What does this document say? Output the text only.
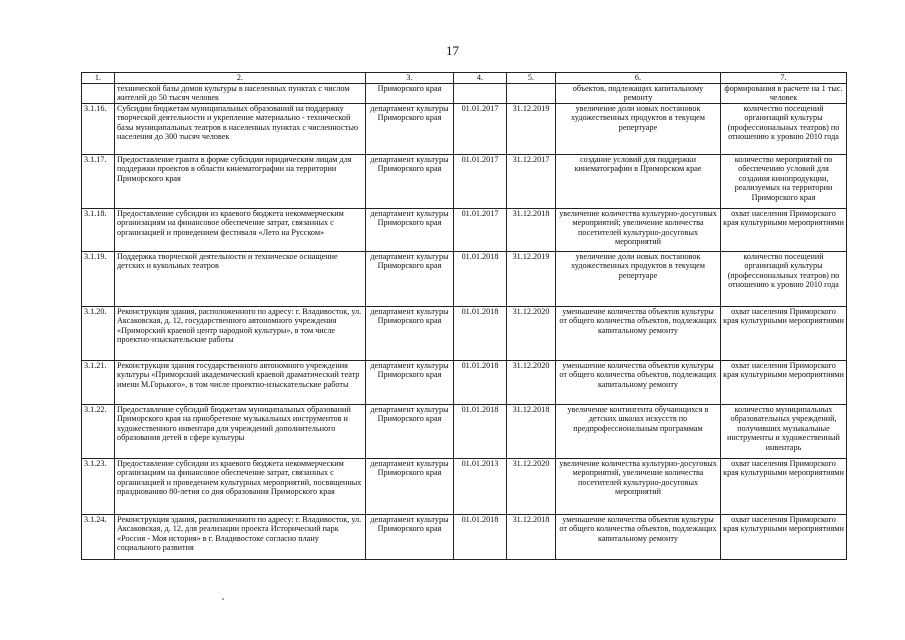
17
1.	2.	3.	4.	5.	6.	7.
	технической базы домов культуры в населенных пунктах с числом жителей до 50 тысяч человек	Приморского края			объектов, подлежащих капитальному ремонту	формирования в расчете на 1 тыс. человек
3.1.16.	Субсидии бюджетам муниципальных образований на поддержку творческой деятельности и укрепление материально - технической базы муниципальных театров в населенных пунктах с численностью населения до 300 тысяч человек	департамент культуры Приморского края	01.01.2017	31.12.2019	увеличение доли новых постановок художественных продуктов в текущем репертуаре	количество посещений организаций культуры (профессиональных театров) по отношению к уровню 2010 года
3.1.17.	Предоставление гранта в форме субсидии юридическим лицам для поддержки проектов в области кинематографии на территории Приморского края	департамент культуры Приморского края	01.01.2017	31.12.2017	создание условий для поддержки кинематографии в Приморском крае	количество мероприятий по обеспечению условий для создания кинопродукции, реализуемых на территории Приморского края
3.1.18.	Предоставление субсидии из краевого бюджета некоммерческим организациям на финансовое обеспечение затрат, связанных с организацией и проведением фестиваля «Лето на Русском»	департамент культуры Приморского края	01.01.2017	31.12.2018	увеличение количества культурно-досуговых мероприятий; увеличение количества посетителей культурно-досуговых мероприятий	охват населения Приморского края культурными мероприятиями
3.1.19.	Поддержка творческой деятельности и техническое оснащение детских и кукольных театров	департамент культуры Приморского края	01.01.2018	31.12.2019	увеличение доли новых постановок художественных продуктов в текущем репертуаре	количество посещений организаций культуры (профессиональных театров) по отношению к уровню 2010 года
3.1.20.	Реконструкция здания, расположенного по адресу: г. Владивосток, ул. Аксаковская, д. 12, государственного автономного учреждения «Приморский краевой центр народной культуры», в том числе проектно-изыскательские работы	департамент культуры Приморского края	01.01.2018	31.12.2020	уменьшение количества объектов культуры от общего количества объектов, подлежащих капитальному ремонту	охват населения Приморского края культурными мероприятиями
3.1.21.	Реконструкция здания государственного автономного учреждения культуры «Приморский академический краевой драматический театр имени М.Горького», в том числе проектно-изыскательские работы	департамент культуры Приморского края	01.01.2018	31.12.2020	уменьшение количества объектов культуры от общего количества объектов, подлежащих капитальному ремонту	охват населения Приморского края культурными мероприятиями
3.1.22.	Предоставление субсидий бюджетам муниципальных образований Приморского края на приобретение музыкальных инструментов и художественного инвентаря для учреждений дополнительного образования детей в сфере культуры	департамент культуры Приморского края	01.01.2018	31.12.2018	увеличение контингента обучающихся в детских школах искусств по предпрофессиональным программам	количество муниципальных образовательных учреждений, получивших музыкальные инструменты и художественный инвентарь
3.1.23.	Предоставление субсидии из краевого бюджета некоммерческим организациям на финансовое обеспечение затрат, связанных с организацией и проведением культурных мероприятий, посвященных празднованию 80-летия со дня образования Приморского края	департамент культуры Приморского края	01.01.2013	31.12.2020	увеличение количества культурно-досуговых мероприятий, увеличение количества посетителей культурно-досуговых мероприятий	охват населения Приморского края культурными мероприятиями
3.1.24.	Реконструкция здания, расположенного по адресу: г. Владивосток, ул. Аксаковская, д. 12, для реализации проекта Исторический парк «Россия - Моя история» в г. Владивостоке согласно плану социального развития	департамент культуры Приморского края	01.01.2018	31.12.2018	уменьшение количества объектов культуры от общего количества объектов, подлежащих капитальному ремонту	охват населения Приморского края культурными мероприятиями
